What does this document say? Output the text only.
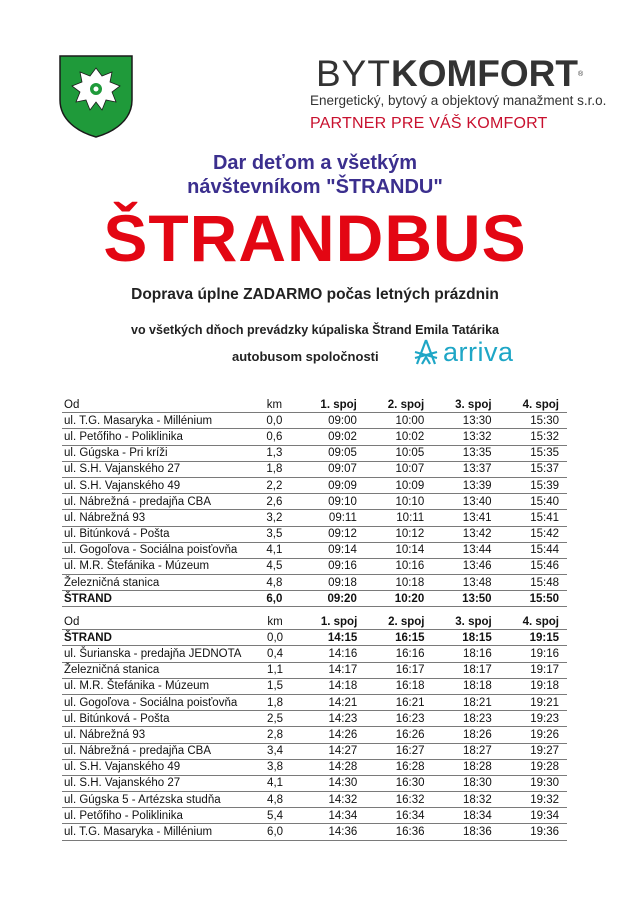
BYT KOMFORT ®
Energetický, bytový a objektový manažment s.r.o.
PARTNER PRE VÁŠ KOMFORT
Dar deťom a všetkým
návštevníkom "ŠTRANDU"
ŠTRANDBUS
Doprava úplne ZADARMO počas letných prázdnin
vo všetkých dňoch prevádzky kúpaliska Štrand Emila Tatárika
autobusom spoločnosti arriva
Od	km	1. spoj	2. spoj	3. spoj	4. spoj
ul. T.G. Masaryka - Millénium	0,0	09:00	10:00	13:30	15:30
ul. Petőfiho - Poliklinika	0,6	09:02	10:02	13:32	15:32
ul. Gúgska - Pri kríži	1,3	09:05	10:05	13:35	15:35
ul. S.H. Vajanského 27	1,8	09:07	10:07	13:37	15:37
ul. S.H. Vajanského 49	2,2	09:09	10:09	13:39	15:39
ul. Nábrežná - predajňa CBA	2,6	09:10	10:10	13:40	15:40
ul. Nábrežná 93	3,2	09:11	10:11	13:41	15:41
ul. Bitúnková - Pošta	3,5	09:12	10:12	13:42	15:42
ul. Gogoľova - Sociálna poisťovňa	4,1	09:14	10:14	13:44	15:44
ul. M.R. Štefánika - Múzeum	4,5	09:16	10:16	13:46	15:46
Železničná stanica	4,8	09:18	10:18	13:48	15:48
ŠTRAND	6,0	09:20	10:20	13:50	15:50
Od	km	1. spoj	2. spoj	3. spoj	4. spoj
ŠTRAND	0,0	14:15	16:15	18:15	19:15
ul. Šurianska - predajňa JEDNOTA	0,4	14:16	16:16	18:16	19:16
Železničná stanica	1,1	14:17	16:17	18:17	19:17
ul. M.R. Štefánika - Múzeum	1,5	14:18	16:18	18:18	19:18
ul. Gogoľova - Sociálna poisťovňa	1,8	14:21	16:21	18:21	19:21
ul. Bitúnková - Pošta	2,5	14:23	16:23	18:23	19:23
ul. Nábrežná 93	2,8	14:26	16:26	18:26	19:26
ul. Nábrežná - predajňa CBA	3,4	14:27	16:27	18:27	19:27
ul. S.H. Vajanského 49	3,8	14:28	16:28	18:28	19:28
ul. S.H. Vajanského 27	4,1	14:30	16:30	18:30	19:30
ul. Gúgska 5 - Artézska studňa	4,8	14:32	16:32	18:32	19:32
ul. Petőfiho - Poliklinika	5,4	14:34	16:34	18:34	19:34
ul. T.G. Masaryka - Millénium	6,0	14:36	16:36	18:36	19:36
